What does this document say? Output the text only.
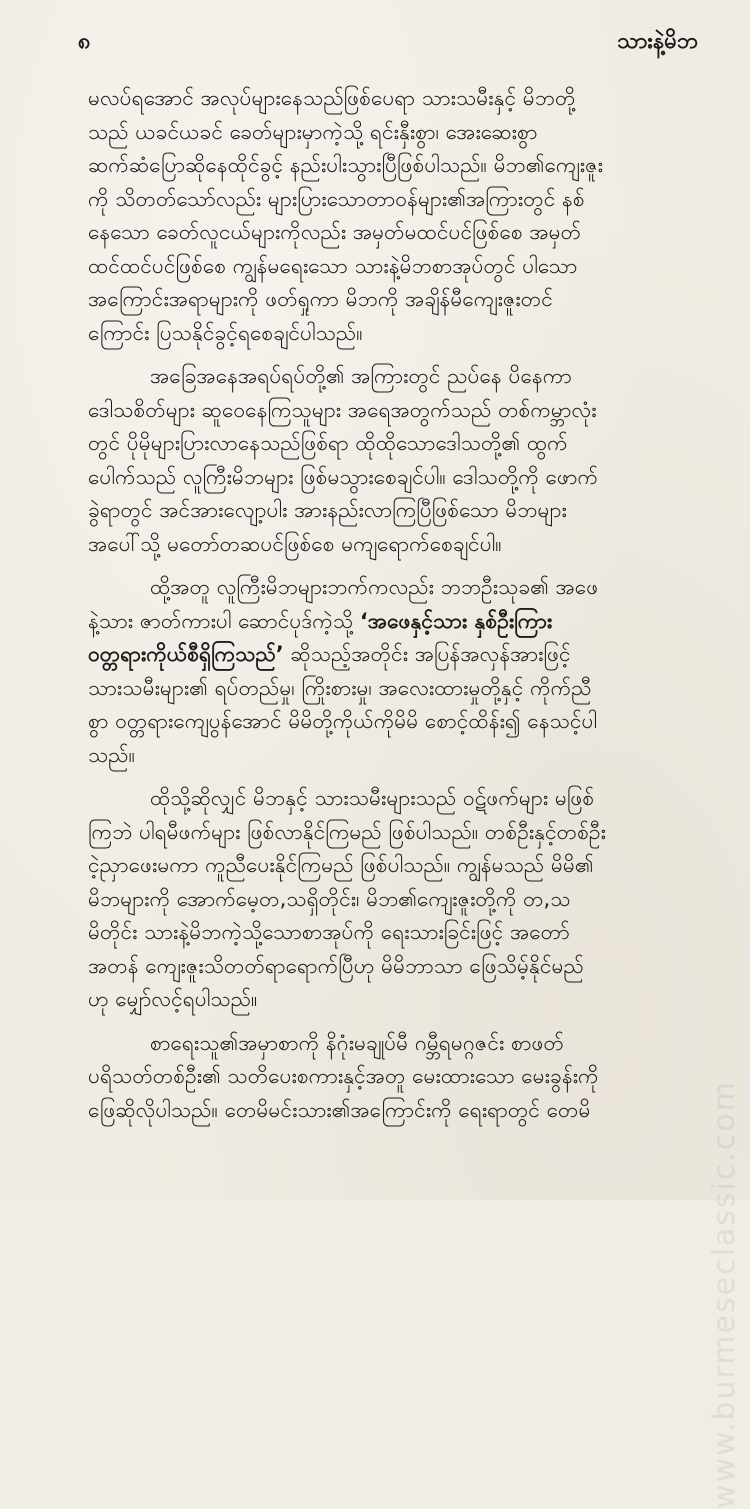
၈	သားနဲ့မိဘ

မလပ်ရအောင် အလုပ်များနေသည်ဖြစ်ပေရာ သားသမီးနှင့် မိဘတို့
သည် ယခင်ယခင် ခေတ်များမှာကဲ့သို့ ရင်းနှီးစွာ၊ အေးဆေးစွာ
ဆက်ဆံပြောဆိုနေထိုင်ခွင့် နည်းပါးသွားပြီဖြစ်ပါသည်။ မိဘ၏ကျေးဇူး
ကို သိတတ်သော်လည်း များပြားသောတာဝန်များ၏အကြားတွင် နစ်
နေသော ခေတ်လူငယ်များကိုလည်း အမှတ်မထင်ပင်ဖြစ်စေ အမှတ်
ထင်ထင်ပင်ဖြစ်စေ ကျွန်မရေးသော သားနဲ့မိဘစာအုပ်တွင် ပါသော
အကြောင်းအရာများကို ဖတ်ရှုကာ မိဘကို အချိန်မီကျေးဇူးတင်
ကြောင်း ပြသနိုင်ခွင့်ရစေချင်ပါသည်။

အခြေအနေအရပ်ရပ်တို့၏ အကြားတွင် ညပ်နေ ပိနေကာ
ဒေါသစိတ်များ ဆူဝေနေကြသူများ အရေအတွက်သည် တစ်ကမ္ဘာလုံး
တွင် ပိုမိုများပြားလာနေသည်ဖြစ်ရာ ထိုထိုသောဒေါသတို့၏ ထွက်
ပေါက်သည် လူကြီးမိဘများ ဖြစ်မသွားစေချင်ပါ။ ဒေါသတို့ကို ဖောက်
ခွဲရာတွင် အင်အားလျော့ပါး အားနည်းလာကြပြီဖြစ်သော မိဘများ
အပေါ်သို့ မတော်တဆပင်ဖြစ်စေ မကျရောက်စေချင်ပါ။

ထို့အတူ လူကြီးမိဘများဘက်ကလည်း ဘဘဦးသုခ၏ အဖေ
နဲ့သား ဇာတ်ကားပါ ဆောင်ပုဒ်ကဲ့သို့ ‘အဖေနှင့်သား နှစ်ဦးကြား
ဝတ္တရားကိုယ်စီရှိကြသည်’ ဆိုသည့်အတိုင်း အပြန်အလှန်အားဖြင့်
သားသမီးများ၏ ရပ်တည်မှု၊ ကြိုးစားမှု၊ အလေးထားမှုတို့နှင့် ကိုက်ညီ
စွာ ဝတ္တရားကျေပွန်အောင် မိမိတို့ကိုယ်ကိုမိမိ စောင့်ထိန်း၍ နေသင့်ပါ
သည်။

ထိုသို့ဆိုလျှင် မိဘနှင့် သားသမီးများသည် ဝဋ်ဖက်များ မဖြစ်
ကြဘဲ ပါရမီဖက်များ ဖြစ်လာနိုင်ကြမည် ဖြစ်ပါသည်။ တစ်ဦးနှင့်တစ်ဦး
ငဲ့ညှာဖေးမကာ ကူညီပေးနိုင်ကြမည် ဖြစ်ပါသည်။ ကျွန်မသည် မိမိ၏
မိဘများကို အောက်မေ့တ,သရှိတိုင်း၊ မိဘ၏ကျေးဇူးတို့ကို တ,သ
မိတိုင်း သားနဲ့မိဘကဲ့သို့သောစာအုပ်ကို ရေးသားခြင်းဖြင့် အတော်
အတန် ကျေးဇူးသိတတ်ရာရောက်ပြီဟု မိမိဘာသာ ဖြေသိမ့်နိုင်မည်
ဟု မျှော်လင့်ရပါသည်။

စာရေးသူ၏အမှာစာကို နိဂုံးမချုပ်မီ ဂမ္ဘီရမဂ္ဂဇင်း စာဖတ်
ပရိသတ်တစ်ဦး၏ သတိပေးစကားနှင့်အတူ မေးထားသော မေးခွန်းကို
ဖြေဆိုလိုပါသည်။ တေမိမင်းသား၏အကြောင်းကို ရေးရာတွင် တေမိ	www.burmeseclassic.com
